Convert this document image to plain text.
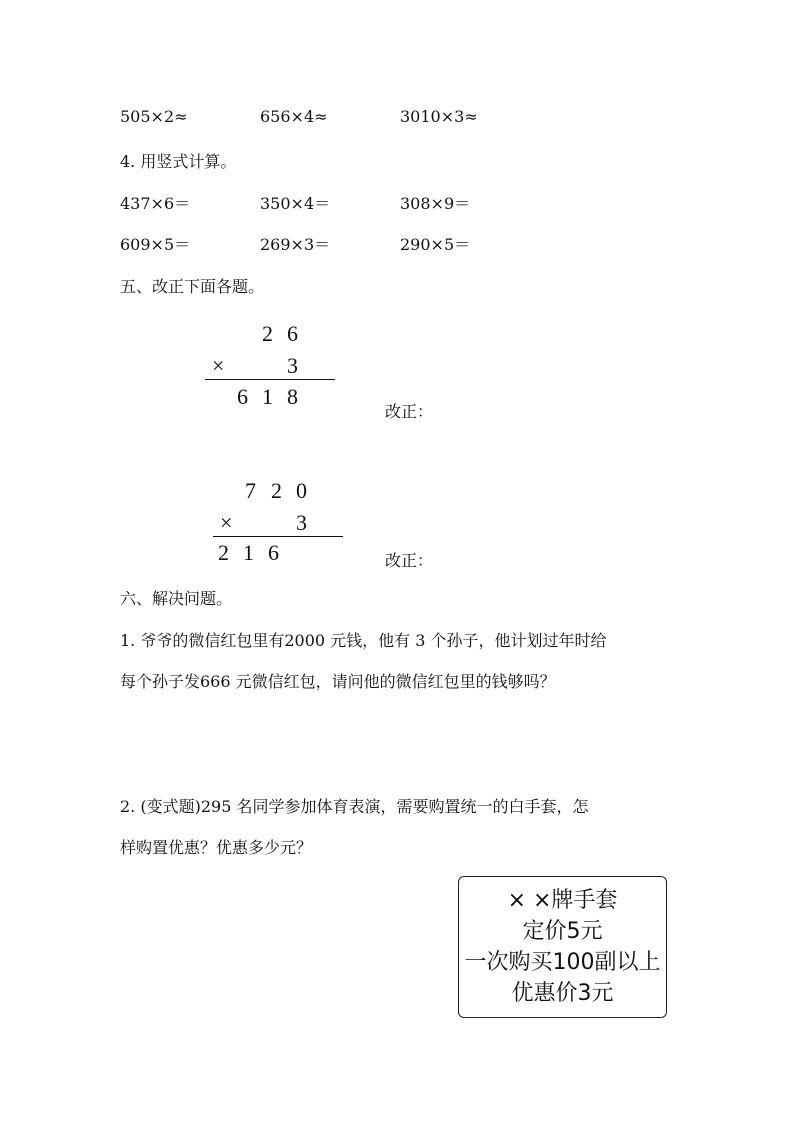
505×2≈	656×4≈	3010×3≈
4. 用竖式计算。
437×6＝	350×4＝	308×9＝
609×5＝	269×3＝	290×5＝
五、改正下面各题。
2 6
×	3
6 1 8
改正：
7 2 0
×	3
2 1 6	改正：
六、解决问题。
1. 爷爷的微信红包里有2000 元钱，他有 3 个孙子，他计划过年时给
每个孙子发666 元微信红包，请问他的微信红包里的钱够吗？
2. (变式题)295 名同学参加体育表演，需要购置统一的白手套，怎
样购置优惠？优惠多少元？
× ×牌手套
定价5元
一次购买100副以上
优惠价3元
